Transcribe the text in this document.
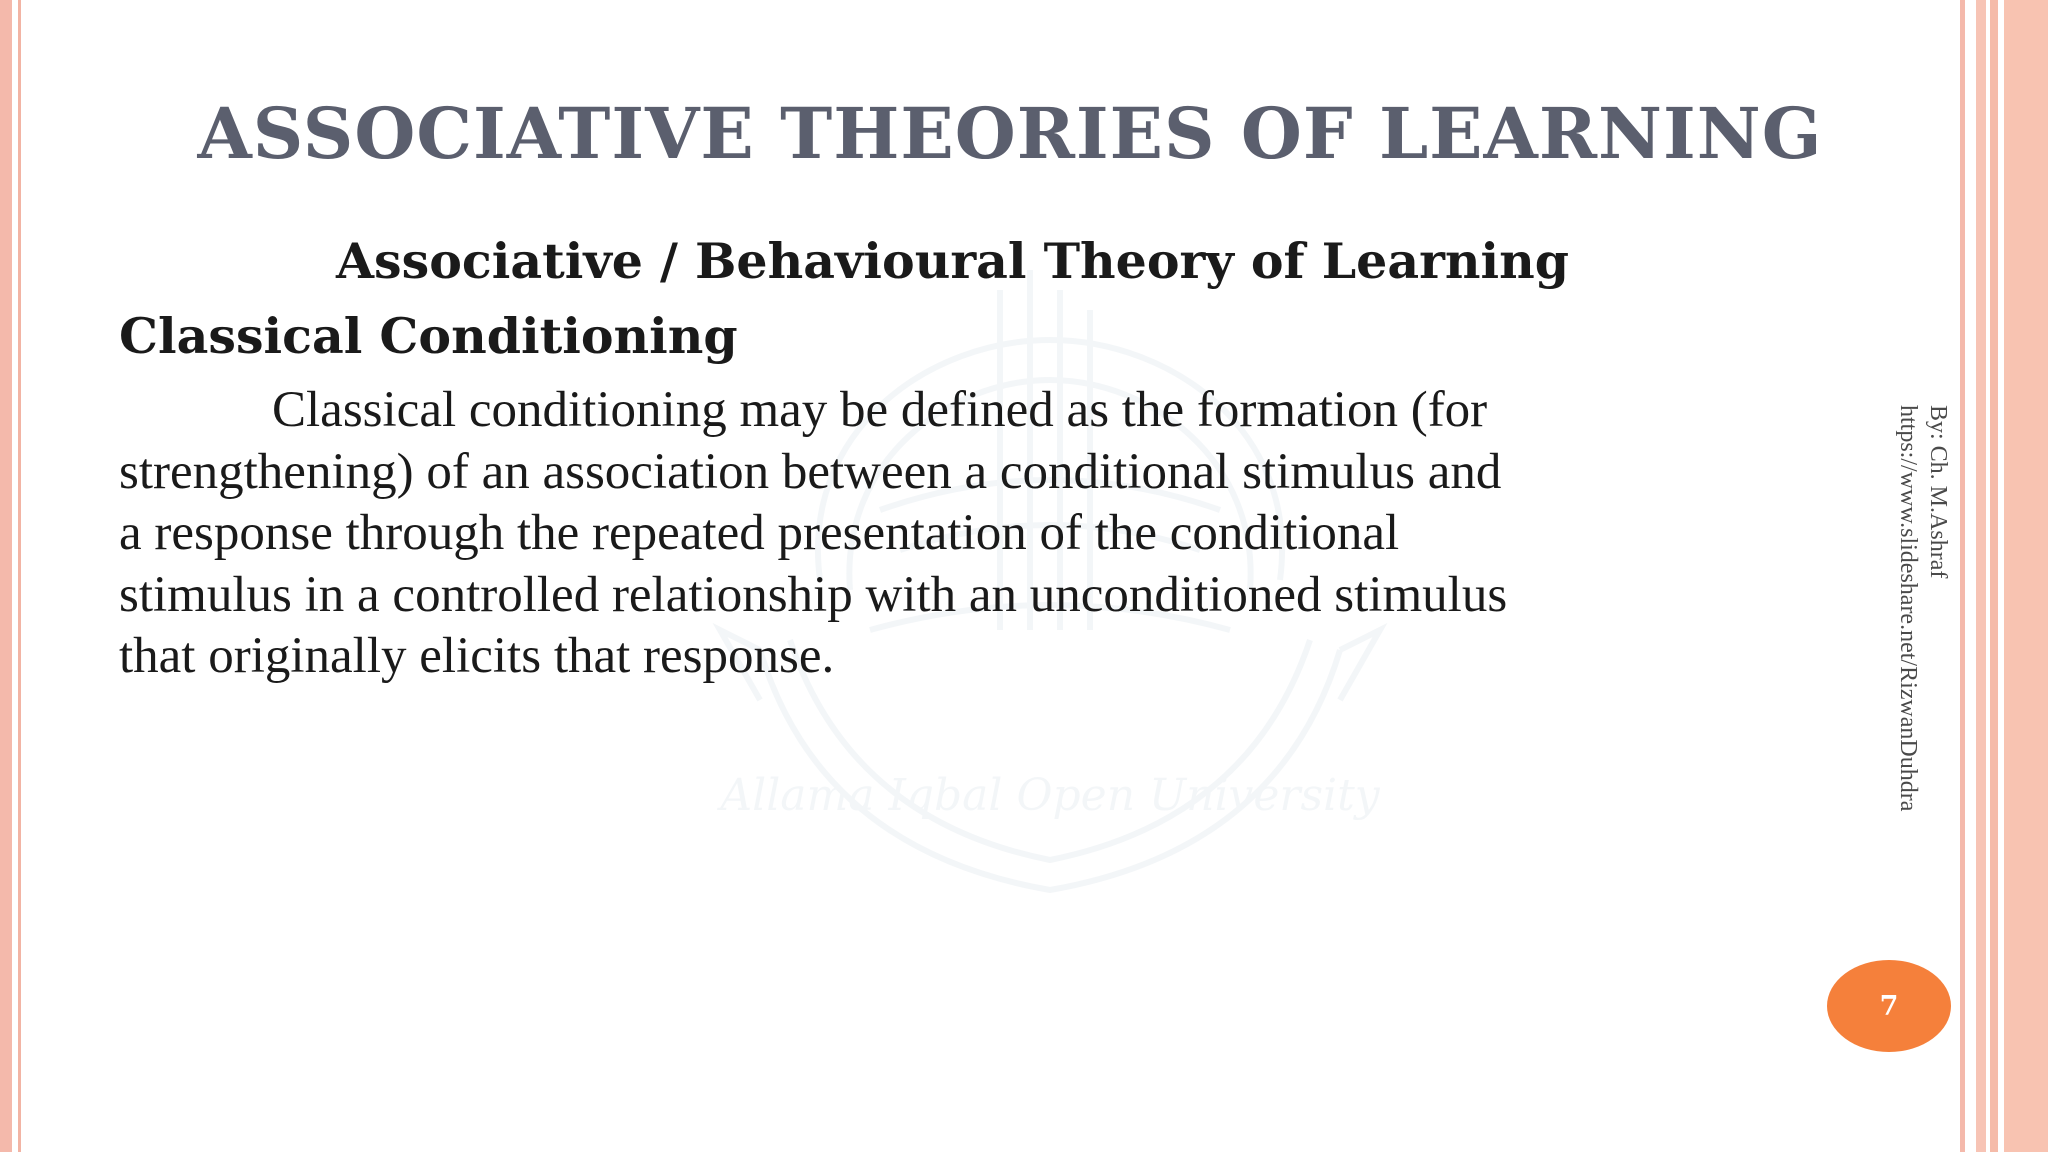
Allama Iqbal Open University
ASSOCIATIVE THEORIES OF LEARNING
Associative / Behavioural Theory of Learning
Classical Conditioning

Classical conditioning may be defined as the formation (for
strengthening) of an association between a conditional stimulus and
a response through the repeated presentation of the conditional
stimulus in a controlled relationship with an unconditioned stimulus
that originally elicits that response.

By: Ch. M.Ashraf
https://www.slideshare.net/RizwanDuhdra
7
